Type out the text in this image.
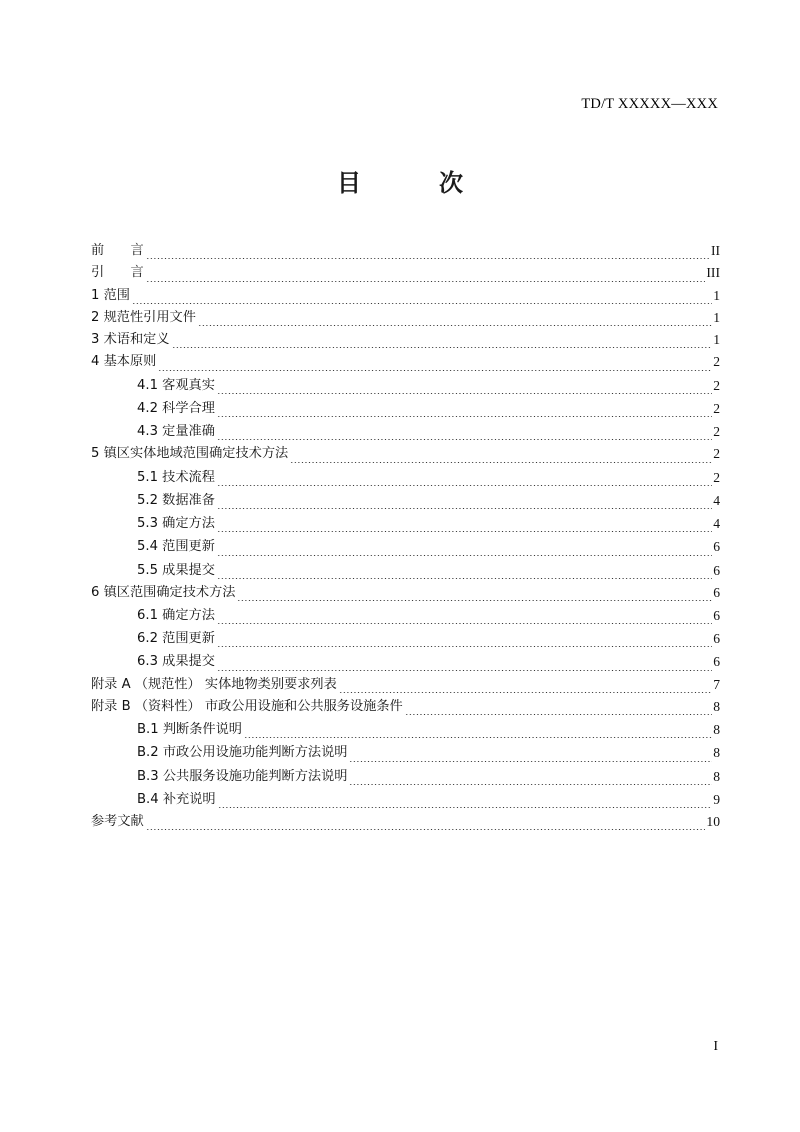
TD/T XXXXX—XXX
目　　次
前　　言	II
引　　言	III
1 范围	1
2 规范性引用文件	1
3 术语和定义	1
4 基本原则	2
4.1 客观真实	2
4.2 科学合理	2
4.3 定量准确	2
5 镇区实体地域范围确定技术方法	2
5.1 技术流程	2
5.2 数据准备	4
5.3 确定方法	4
5.4 范围更新	6
5.5 成果提交	6
6 镇区范围确定技术方法	6
6.1 确定方法	6
6.2 范围更新	6
6.3 成果提交	6
附录 A （规范性） 实体地物类别要求列表	7
附录 B （资料性） 市政公用设施和公共服务设施条件	8
B.1 判断条件说明	8
B.2 市政公用设施功能判断方法说明	8
B.3 公共服务设施功能判断方法说明	8
B.4 补充说明	9
参考文献	10
I
